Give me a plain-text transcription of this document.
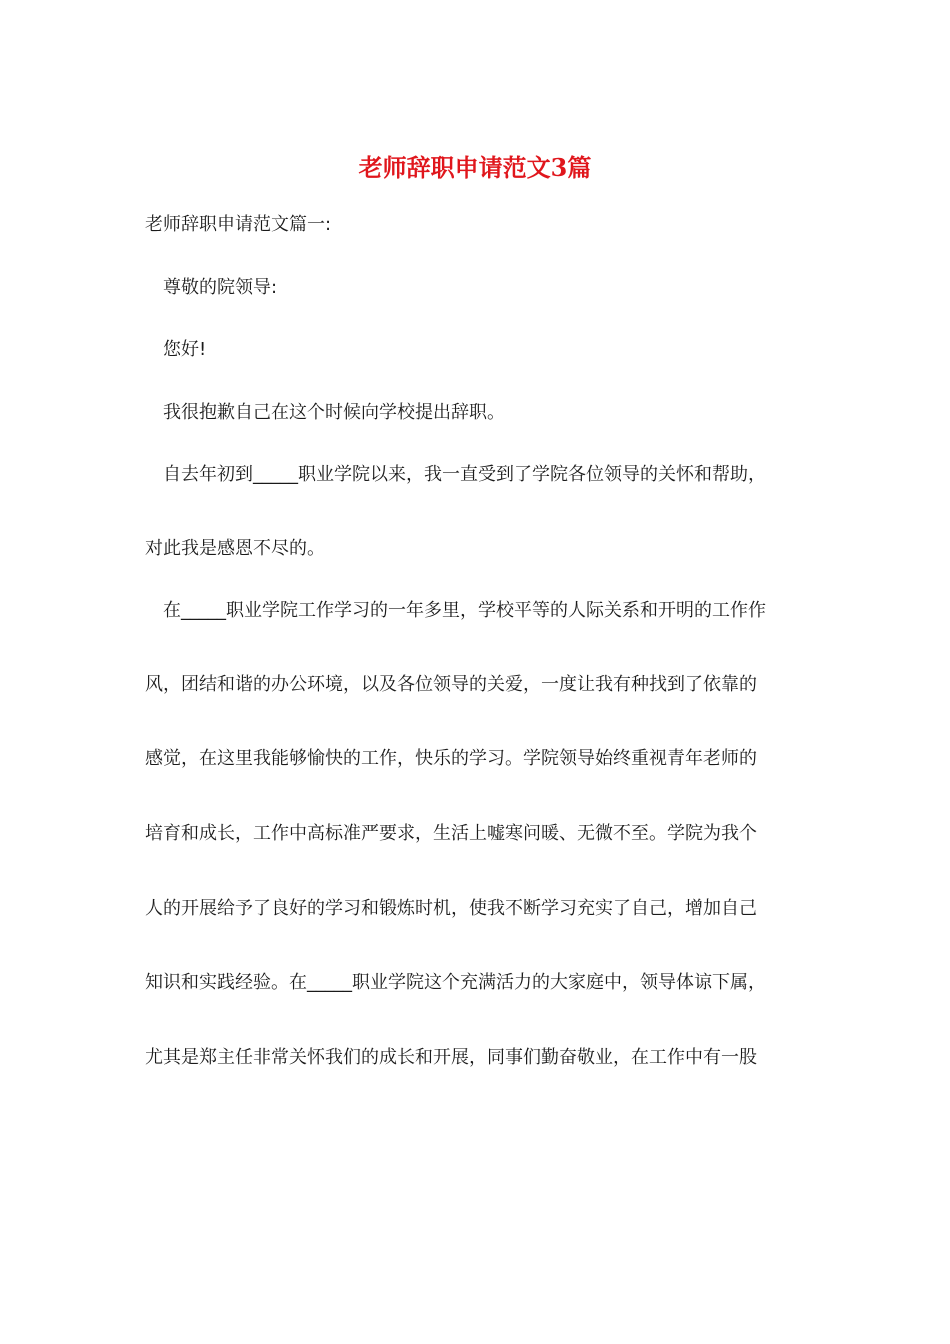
老师辞职申请范文3篇
老师辞职申请范文篇一:
尊敬的院领导:
您好!
我很抱歉自己在这个时候向学校提出辞职。
自去年初到_____职业学院以来，我一直受到了学院各位领导的关怀和帮助，
对此我是感恩不尽的。
在_____职业学院工作学习的一年多里，学校平等的人际关系和开明的工作作
风，团结和谐的办公环境，以及各位领导的关爱，一度让我有种找到了依靠的
感觉，在这里我能够愉快的工作，快乐的学习。学院领导始终重视青年老师的
培育和成长，工作中高标准严要求，生活上嘘寒问暖、无微不至。学院为我个
人的开展给予了良好的学习和锻炼时机，使我不断学习充实了自己，增加自己
知识和实践经验。在_____职业学院这个充满活力的大家庭中，领导体谅下属，
尤其是郑主任非常关怀我们的成长和开展，同事们勤奋敬业，在工作中有一股
